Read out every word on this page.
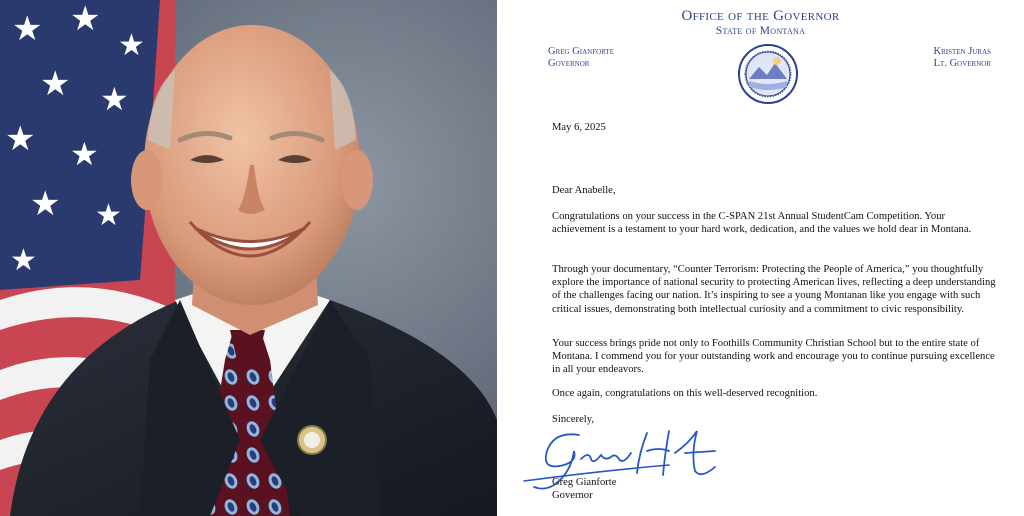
★ ★
★
★ ★
★ ★
★ ★
★
Office of the Governor
State of Montana
Greg Gianforte
Governor
Kristen Juras
Lt. Governor
May 6, 2025
Dear Anabelle,
Congratulations on your success in the C-SPAN 21st Annual StudentCam Competition. Your achievement is a testament to your hard work, dedication, and the values we hold dear in Montana.
Through your documentary, “Counter Terrorism: Protecting the People of America,” you thoughtfully explore the importance of national security to protecting American lives, reflecting a deep understanding of the challenges facing our nation. It’s inspiring to see a young Montanan like you engage with such critical issues, demonstrating both intellectual curiosity and a commitment to civic responsibility.
Your success brings pride not only to Foothills Community Christian School but to the entire state of Montana. I commend you for your outstanding work and encourage you to continue pursuing excellence in all your endeavors.
Once again, congratulations on this well-deserved recognition.
Sincerely,
Greg Gianforte
Governor
